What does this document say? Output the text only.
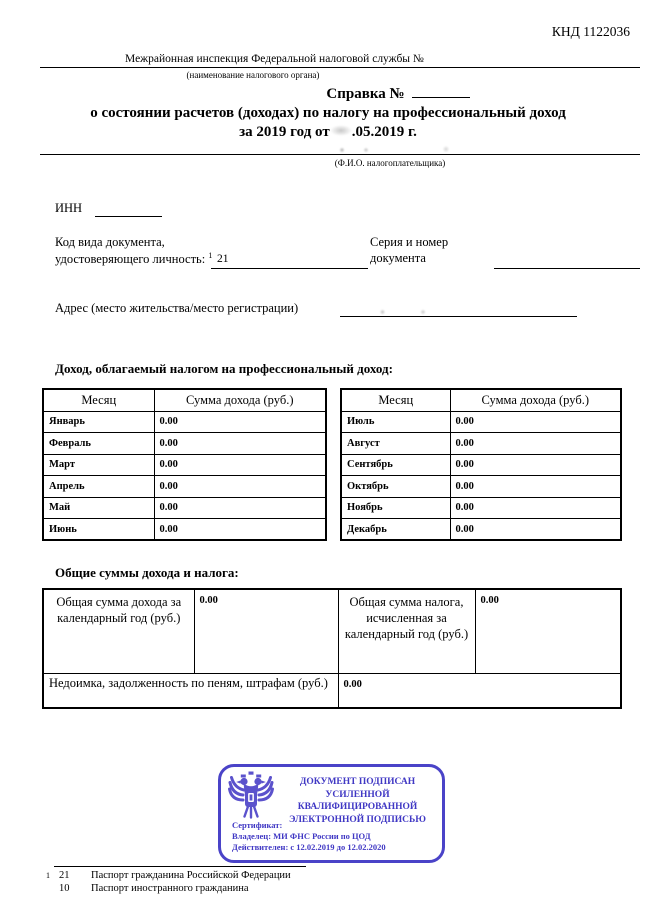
КНД 1122036
Межрайонная инспекция Федеральной налоговой службы №
(наименование налогового органа)
Справка №
о состоянии расчетов (доходах) по налогу на профессиональный доход
за 2019 год от .05.2019 г.
(Ф.И.О. налогоплательщика)
ИНН
Код вида документа,
удостоверяющего личность: $^1$ 21
Серия и номер
документа
Адрес (место жительства/место регистрации)
Доход, облагаемый налогом на профессиональный доход:
Месяц	Сумма дохода (руб.)
Январь	0.00
Февраль	0.00
Март	0.00
Апрель	0.00
Май	0.00
Июнь	0.00
Месяц	Сумма дохода (руб.)
Июль	0.00
Август	0.00
Сентябрь	0.00
Октябрь	0.00
Ноябрь	0.00
Декабрь	0.00
Общие суммы дохода и налога:
Общая сумма дохода за календарный год (руб.)	0.00	Общая сумма налога, исчисленная за календарный год (руб.)	0.00
Недоимка, задолженность по пеням, штрафам (руб.)		0.00	
ДОКУМЕНТ ПОДПИСАН
УСИЛЕННОЙ КВАЛИФИЦИРОВАННОЙ
ЭЛЕКТРОННОЙ ПОДПИСЬЮ
Сертификат:
Владелец: МИ ФНС России по ЦОД
Действителен: с 12.02.2019 до 12.02.2020
1 21	Паспорт гражданина Российской Федерации
10	Паспорт иностранного гражданина
